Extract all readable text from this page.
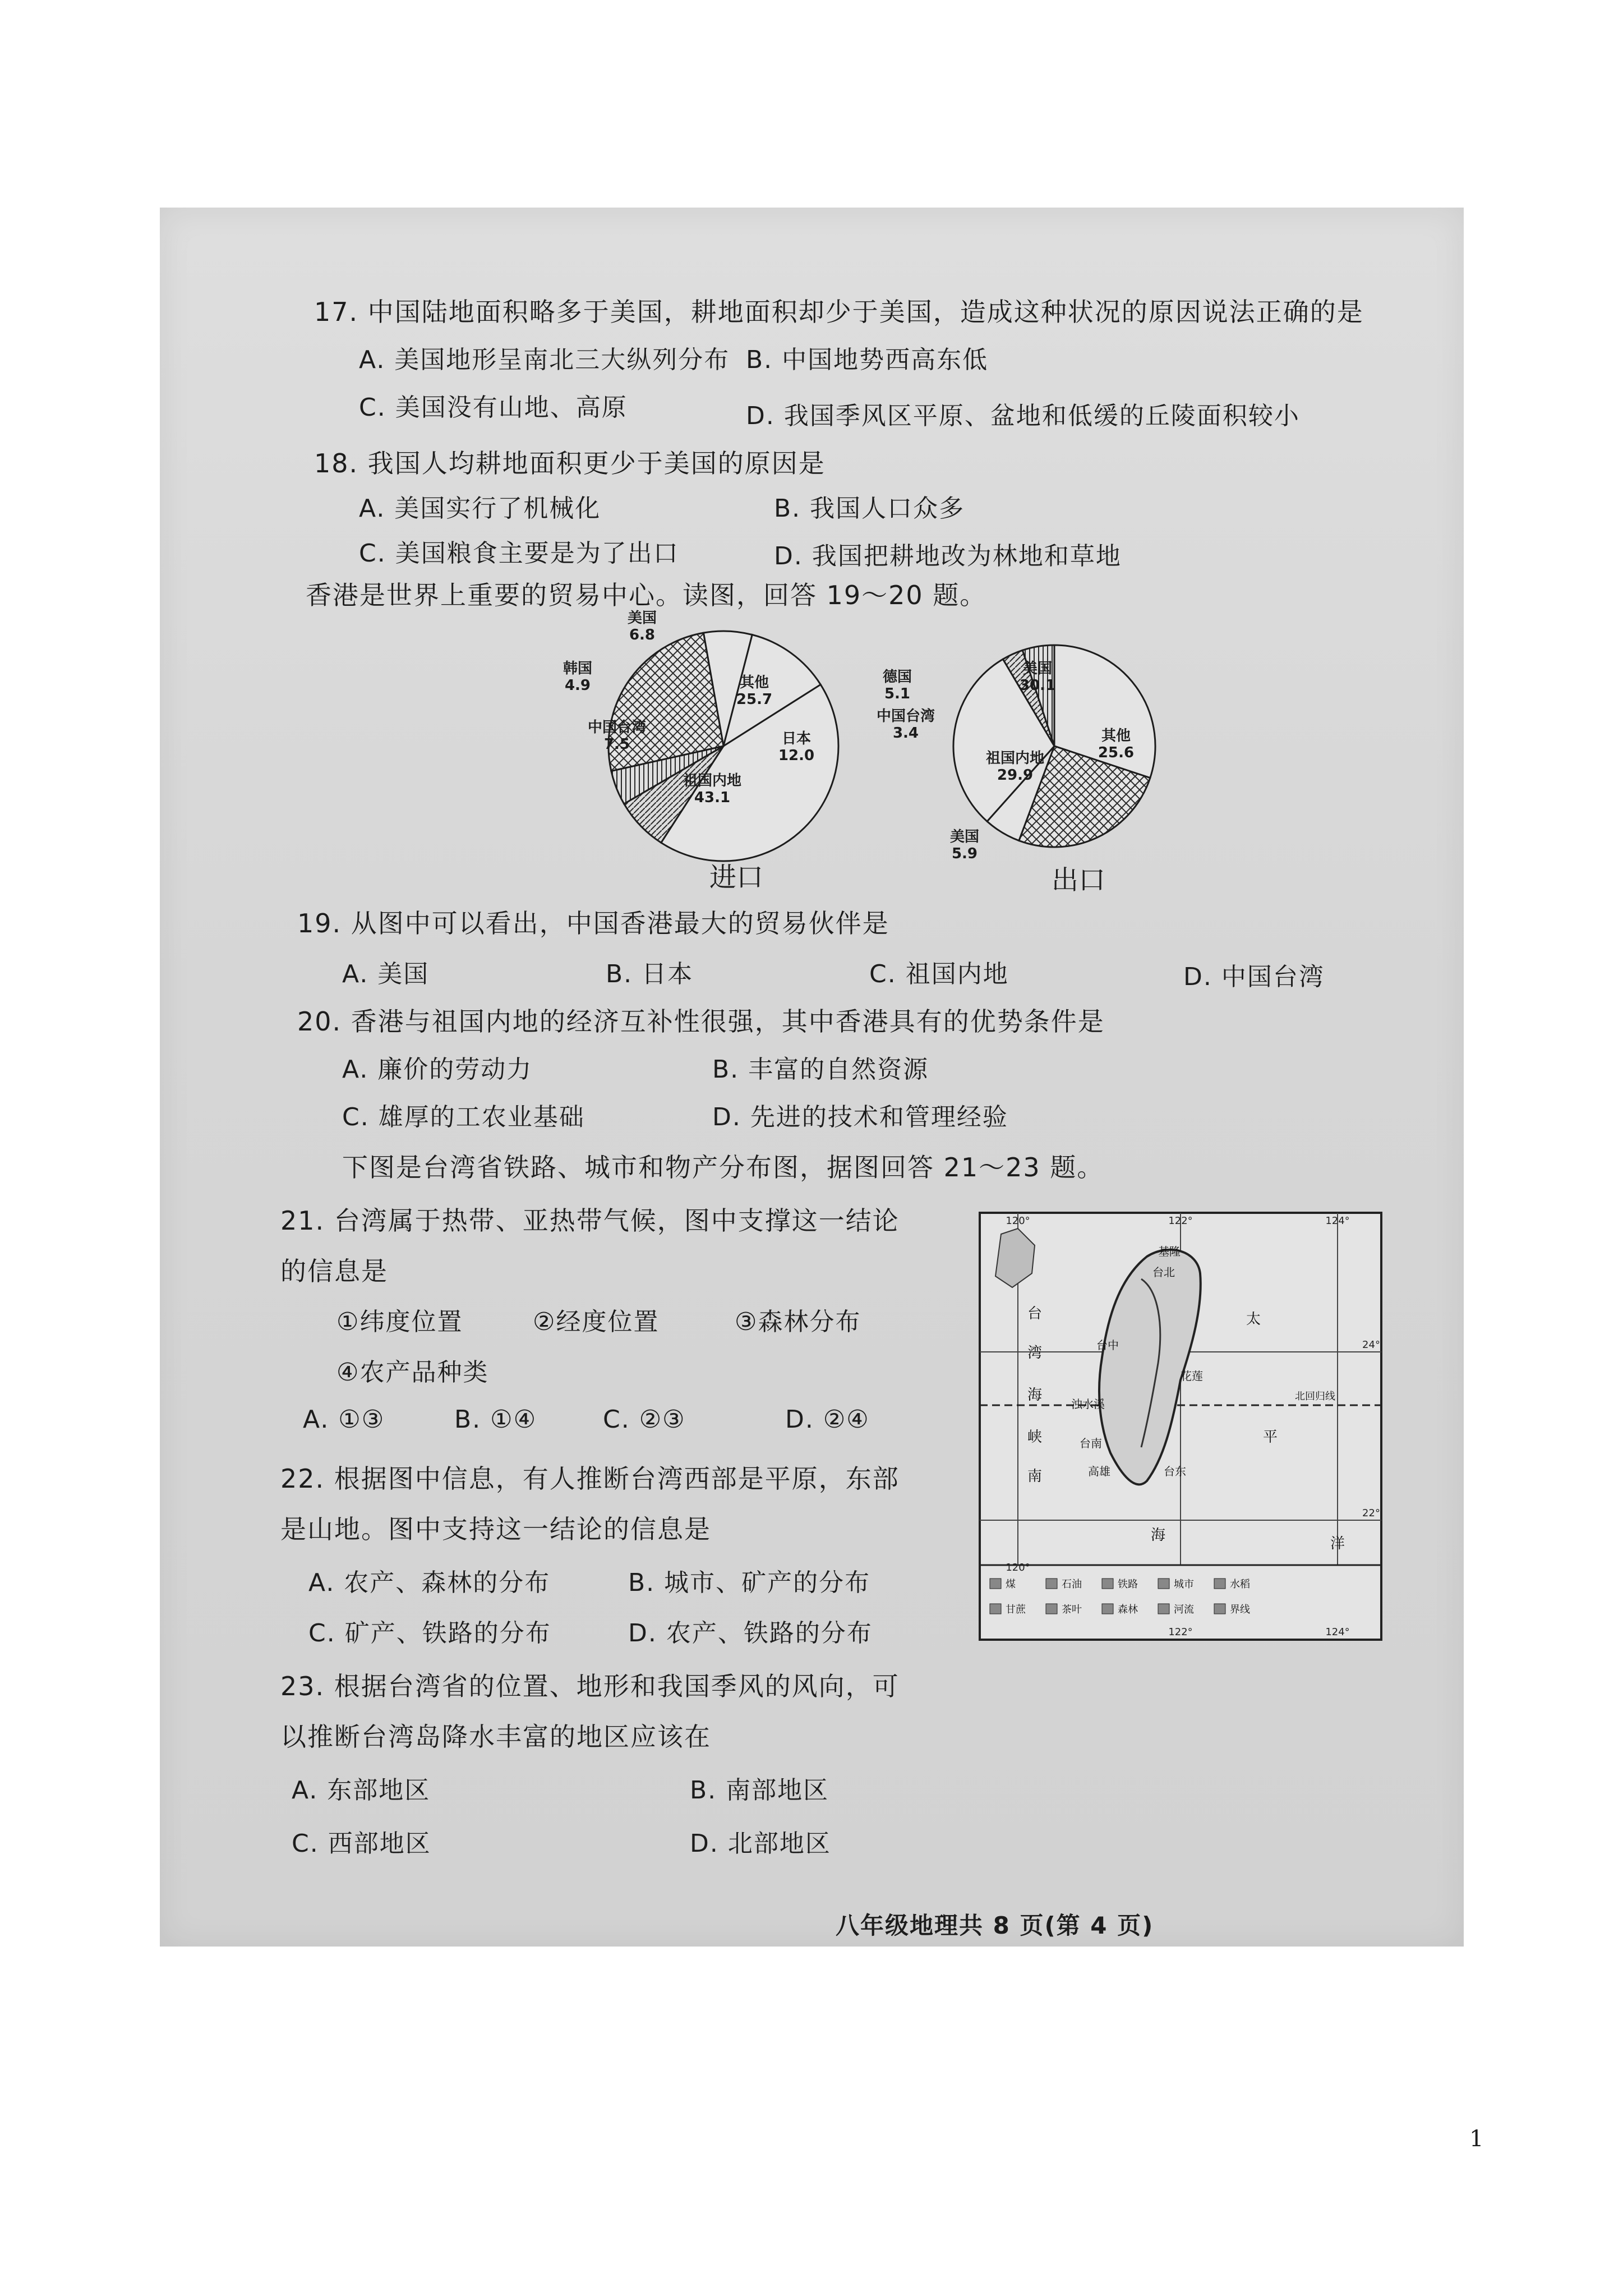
17. 中国陆地面积略多于美国，耕地面积却少于美国，造成这种状况的原因说法正确的是
A. 美国地形呈南北三大纵列分布 B. 中国地势西高东低
C. 美国没有山地、高原	D. 我国季风区平原、盆地和低缓的丘陵面积较小
18. 我国人均耕地面积更少于美国的原因是
A. 美国实行了机械化	B. 我国人口众多
C. 美国粮食主要是为了出口	D. 我国把耕地改为林地和草地
香港是世界上重要的贸易中心。读图，回答 19～20 题。
美国
6.8
日本
12.0
祖国内地
43.1
中国台湾
7.5
韩国
4.9	其他
25.7
美国
30.1
其他
25.6
美国
5.9
祖国内地
29.9
中国台湾
3.4
德国
5.1
进口	出口
19. 从图中可以看出，中国香港最大的贸易伙伴是
A. 美国	B. 日本	C. 祖国内地	D. 中国台湾
20. 香港与祖国内地的经济互补性很强，其中香港具有的优势条件是
A. 廉价的劳动力	B. 丰富的自然资源
C. 雄厚的工农业基础	D. 先进的技术和管理经验
下图是台湾省铁路、城市和物产分布图，据图回答 21～23 题。
21. 台湾属于热带、亚热带气候，图中支撑这一结论
的信息是
①纬度位置	②经度位置	③森林分布
④农产品种类
A. ①③	B. ①④	C. ②③	D. ②④
22. 根据图中信息，有人推断台湾西部是平原，东部
是山地。图中支持这一结论的信息是
A. 农产、森林的分布	B. 城市、矿产的分布
C. 矿产、铁路的分布	D. 农产、铁路的分布
23. 根据台湾省的位置、地形和我国季风的风向，可
以推断台湾岛降水丰富的地区应该在
A. 东部地区	B. 南部地区
C. 西部地区	D. 北部地区
120°	122°	124°
120°
122°	124°
24°
22°
基隆
台北
台中
花莲
台南
高雄	台东
浊水溪
台
湾
海
峡
南
海
太
平
洋
北回归线
煤	石油	铁路	城市	水稻
甘蔗	茶叶	森林	河流	界线
八年级地理共 8 页(第 4 页)
1
